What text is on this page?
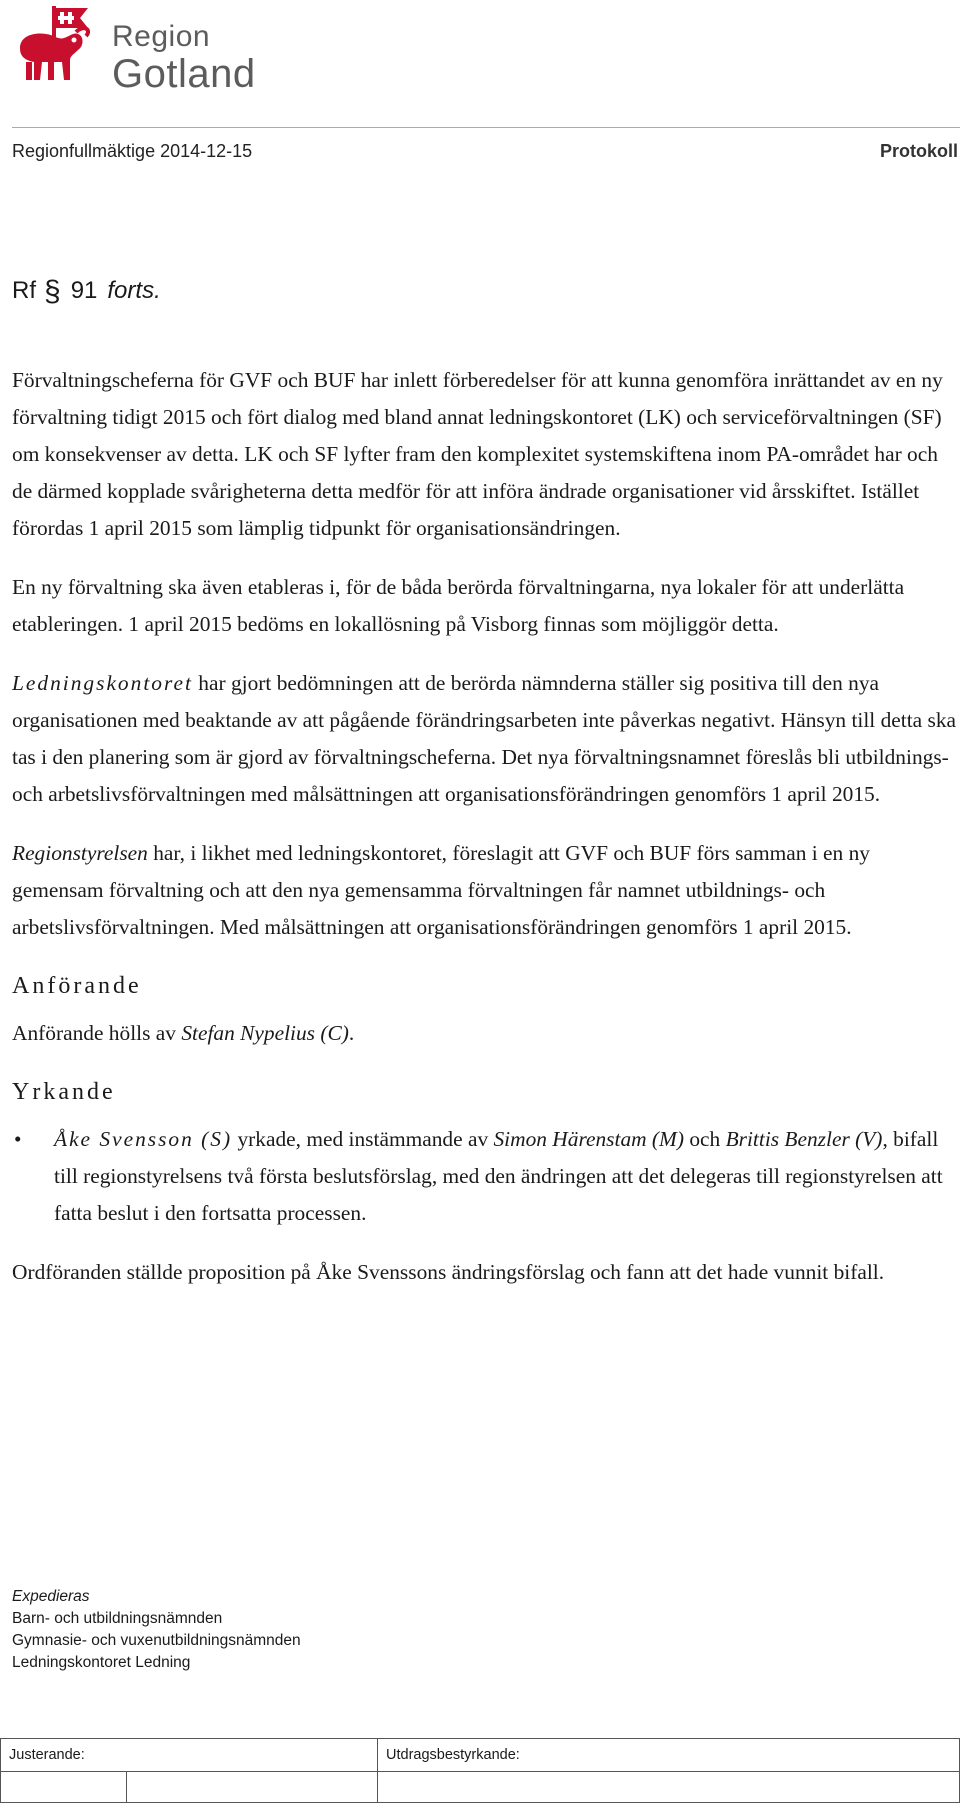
Region
Gotland
Regionfullmäktige 2014-12-15	Protokoll
Rf § 91 forts.

Förvaltningscheferna för GVF och BUF har inlett förberedelser för att kunna genomföra inrättandet av en ny förvaltning tidigt 2015 och fört dialog med bland annat ledningskontoret (LK) och serviceförvaltningen (SF) om konsekvenser av detta. LK och SF lyfter fram den komplexitet systemskiftena inom PA-området har och de därmed kopplade svårigheterna detta medför för att införa ändrade organisationer vid årsskiftet. Istället förordas 1 april 2015 som lämplig tidpunkt för organisationsändringen.

En ny förvaltning ska även etableras i, för de båda berörda förvaltningarna, nya lokaler för att underlätta etableringen. 1 april 2015 bedöms en lokallösning på Visborg finnas som möjliggör detta.

Ledningskontoret har gjort bedömningen att de berörda nämnderna ställer sig positiva till den nya organisationen med beaktande av att pågående förändringsarbeten inte påverkas negativt. Hänsyn till detta ska tas i den planering som är gjord av förvaltningscheferna. Det nya förvaltningsnamnet föreslås bli utbildnings- och arbetslivsförvaltningen med målsättningen att organisationsförändringen genomförs 1 april 2015.

Regionstyrelsen har, i likhet med ledningskontoret, föreslagit att GVF och BUF förs samman i en ny gemensam förvaltning och att den nya gemensamma förvaltningen får namnet utbildnings- och arbetslivsförvaltningen. Med målsättningen att organisationsförändringen genomförs 1 april 2015.

Anförande

Anförande hölls av Stefan Nypelius (C).

Yrkande

• Åke Svensson (S) yrkade, med instämmande av Simon Härenstam (M) och Brittis Benzler (V), bifall till regionstyrelsens två första beslutsförslag, med den ändringen att det delegeras till regionstyrelsen att fatta beslut i den fortsatta processen.

Ordföranden ställde proposition på Åke Svenssons ändringsförslag och fann att det hade vunnit bifall.

Expedieras
Barn- och utbildningsnämnden
Gymnasie- och vuxenutbildningsnämnden
Ledningskontoret Ledning
Justerande:	Utdragsbestyrkande:
